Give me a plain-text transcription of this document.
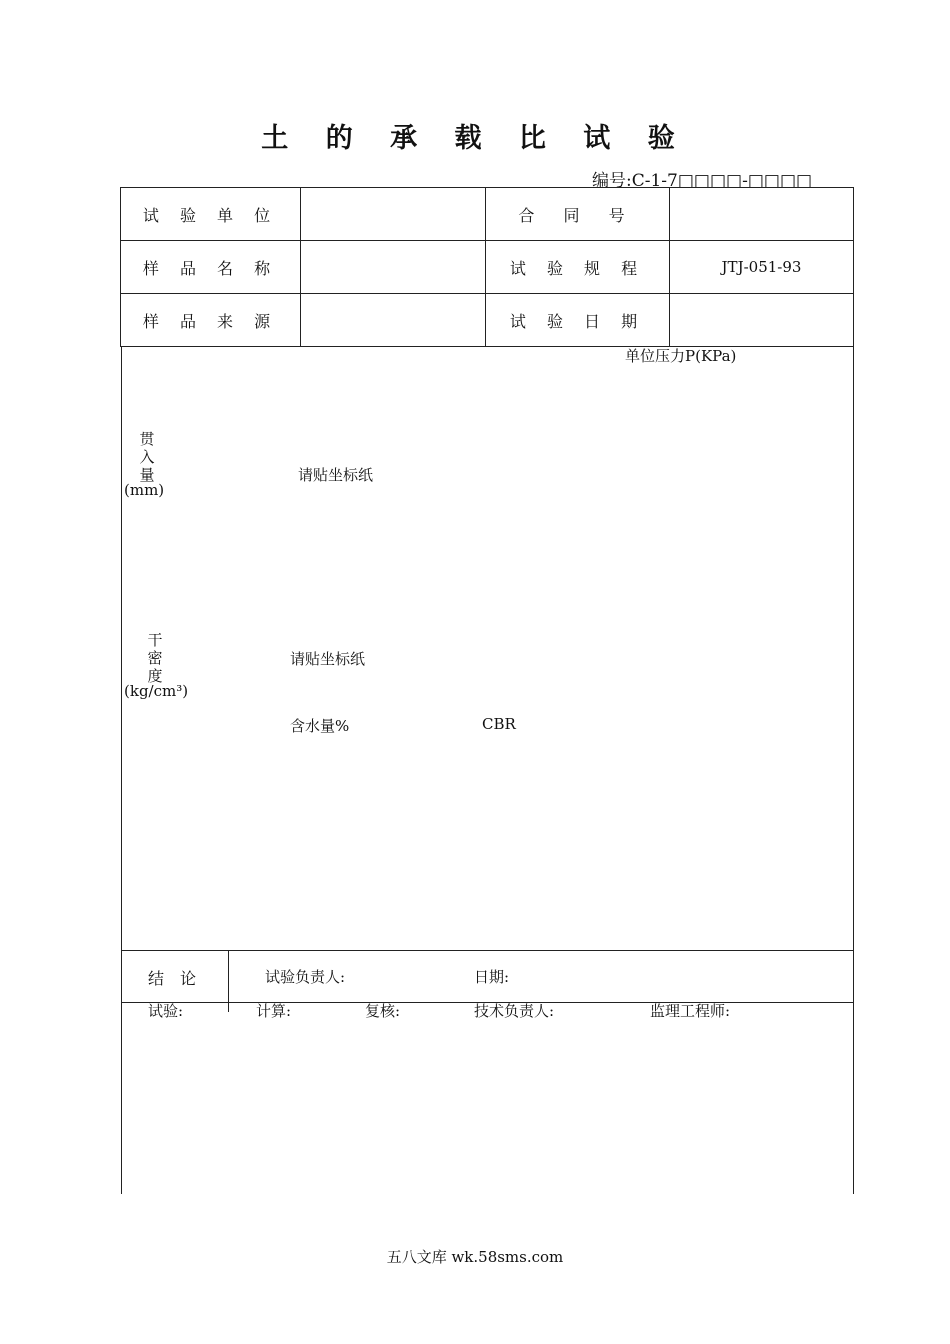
土 的 承 载 比 试 验
编号:C-1-7□□□□-□□□□
试 验 单 位	合 同 号
样 品 名 称	试 验 规 程	JTJ-051-93
样 品 来 源	试 验 日 期
单位压力P(KPa)
贯
入
量
(mm)
请贴坐标纸
干
密
度
(kg/cm³)
请贴坐标纸
含水量%	CBR
结　论	试验负责人:	日期:
试验:	计算:	复核:	技术负责人:	监理工程师:
五八文库 wk.58sms.com
